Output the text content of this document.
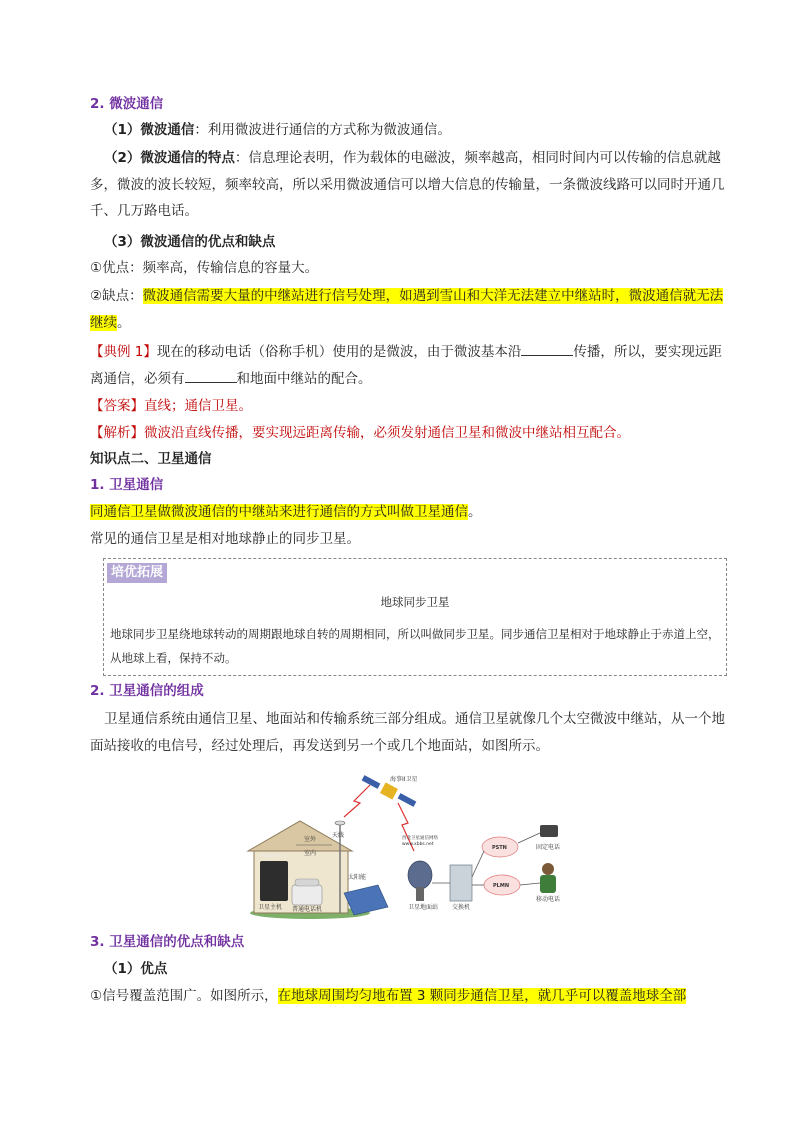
2. 微波通信
（1）微波通信：利用微波进行通信的方式称为微波通信。
（2）微波通信的特点：信息理论表明，作为载体的电磁波，频率越高，相同时间内可以传输的信息就越多，微波的波长较短，频率较高，所以采用微波通信可以增大信息的传输量，一条微波线路可以同时开通几千、几万路电话。
（3）微波通信的优点和缺点
①优点：频率高，传输信息的容量大。
②缺点：微波通信需要大量的中继站进行信号处理，如遇到雪山和大洋无法建立中继站时，微波通信就无法继续。
【典例 1】现在的移动电话（俗称手机）使用的是微波，由于微波基本沿	传播，所以，要实现远距离通信，必须有	和地面中继站的配合。
【答案】直线；通信卫星。
【解析】微波沿直线传播，要实现远距离传输，必须发射通信卫星和微波中继站相互配合。
知识点二、卫星通信
1. 卫星通信
同通信卫星做微波通信的中继站来进行通信的方式叫做卫星通信。
常见的通信卫星是相对地球静止的同步卫星。
培优拓展
地球同步卫星
地球同步卫星绕地球转动的周期跟地球自转的周期相同，所以叫做同步卫星。同步通信卫星相对于地球静止于赤道上空，从地球上看，保持不动。
2. 卫星通信的组成
卫星通信系统由通信卫星、地面站和传输系统三部分组成。通信卫星就像几个太空微波中继站，从一个地面站接收的电信号，经过处理后，再发送到另一个或几个地面站，如图所示。
海事II卫星
室外
天线
室内
RJ11接口
卫星主机 普通电话机
太阳能
西北卫星通信网络
www.xbbs.net
卫星地面站 交换机
PSTN
PLMN
固定电话
移动电话
3. 卫星通信的优点和缺点
（1）优点
①信号覆盖范围广。如图所示，在地球周围均匀地布置 3 颗同步通信卫星，就几乎可以覆盖地球全部
